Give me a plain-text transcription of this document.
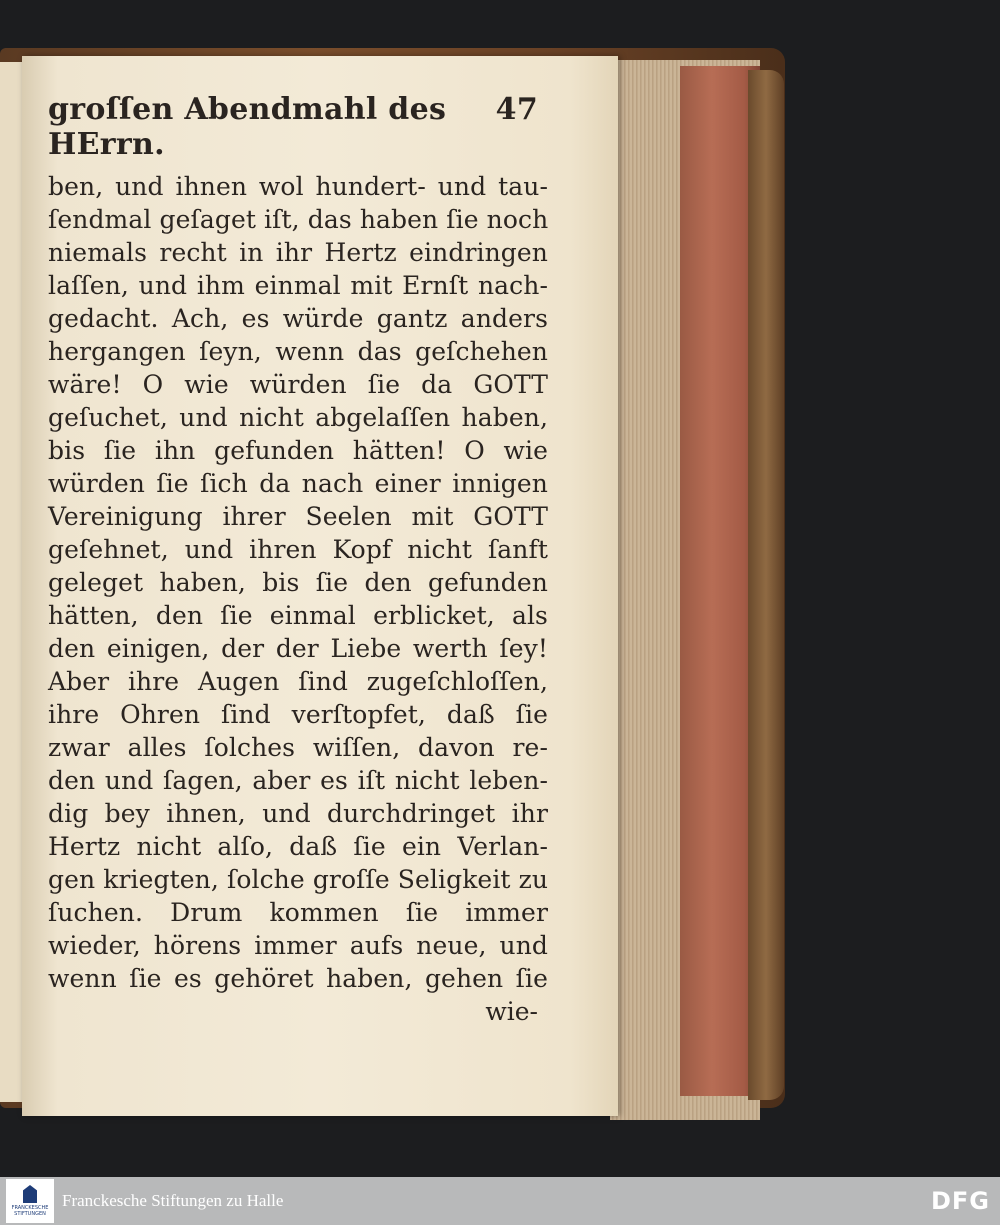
groſſen Abendmahl des HErrn.
47
ben, und ihnen wol hundert- und tau-
ſendmal geſaget iſt, das haben ſie noch
niemals recht in ihr Hertz eindringen
laſſen, und ihm einmal mit Ernſt nach-
gedacht. Ach, es würde gantz anders
hergangen ſeyn, wenn das geſchehen
wäre! O wie würden ſie da GOTT
geſuchet, und nicht abgelaſſen haben,
bis ſie ihn gefunden hätten! O wie
würden ſie ſich da nach einer innigen
Vereinigung ihrer Seelen mit GOTT
geſehnet, und ihren Kopf nicht ſanft
geleget haben, bis ſie den gefunden
hätten, den ſie einmal erblicket, als
den einigen, der der Liebe werth ſey!
Aber ihre Augen ſind zugeſchloſſen,
ihre Ohren ſind verſtopfet, daß ſie
zwar alles ſolches wiſſen, davon re-
den und ſagen, aber es iſt nicht leben-
dig bey ihnen, und durchdringet ihr
Hertz nicht alſo, daß ſie ein Verlan-
gen kriegten, ſolche groſſe Seligkeit zu
ſuchen. Drum kommen ſie immer
wieder, hörens immer aufs neue, und
wenn ſie es gehöret haben, gehen ſie
wie-
FRANCKESCHE STIFTUNGEN
Franckesche Stiftungen zu Halle	DFG
